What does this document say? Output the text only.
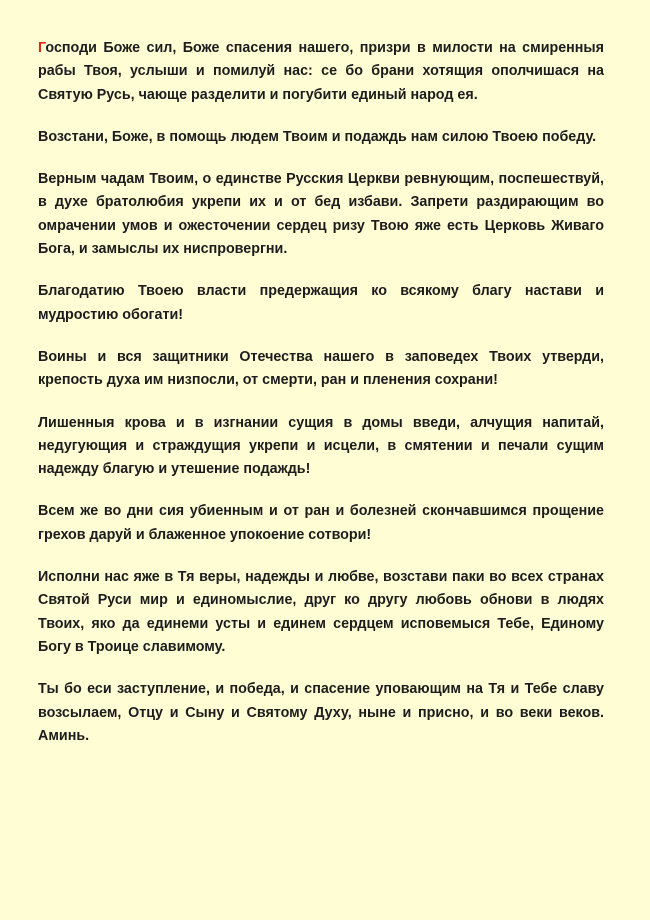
Господи Боже сил, Боже спасения нашего, призри в милости на смиренныя рабы Твоя, услыши и помилуй нас: се бо брани хотящия ополчишася на Святую Русь, чающе разделити и погубити единый народ ея.

Возстани, Боже, в помощь людем Твоим и подаждь нам силою Твоею победу.

Верным чадам Твоим, о единстве Русския Церкви ревнующим, поспешествуй, в духе братолюбия укрепи их и от бед избави. Запрети раздирающим во омрачении умов и ожесточении сердец ризу Твою яже есть Церковь Живаго Бога, и замыслы их ниспровергни.

Благодатию Твоею власти предержащия ко всякому благу настави и мудростию обогати!

Воины и вся защитники Отечества нашего в заповедех Твоих утверди, крепость духа им низпосли, от смерти, ран и пленения сохрани!

Лишенныя крова и в изгнании сущия в домы введи, алчущия напитай, недугующия и страждущия укрепи и исцели, в смятении и печали сущим надежду благую и утешение подаждь!

Всем же во дни сия убиенным и от ран и болезней скончавшимся прощение грехов даруй и блаженное упокоение сотвори!

Исполни нас яже в Тя веры, надежды и любве, возстави паки во всех странах Святой Руси мир и единомыслие, друг ко другу любовь обнови в людях Твоих, яко да единеми усты и единем сердцем исповемыся Тебе, Единому Богу в Троице славимому.

Ты бо еси заступление, и победа, и спасение уповающим на Тя и Тебе славу возсылаем, Отцу и Сыну и Святому Духу, ныне и присно, и во веки веков. Аминь.
